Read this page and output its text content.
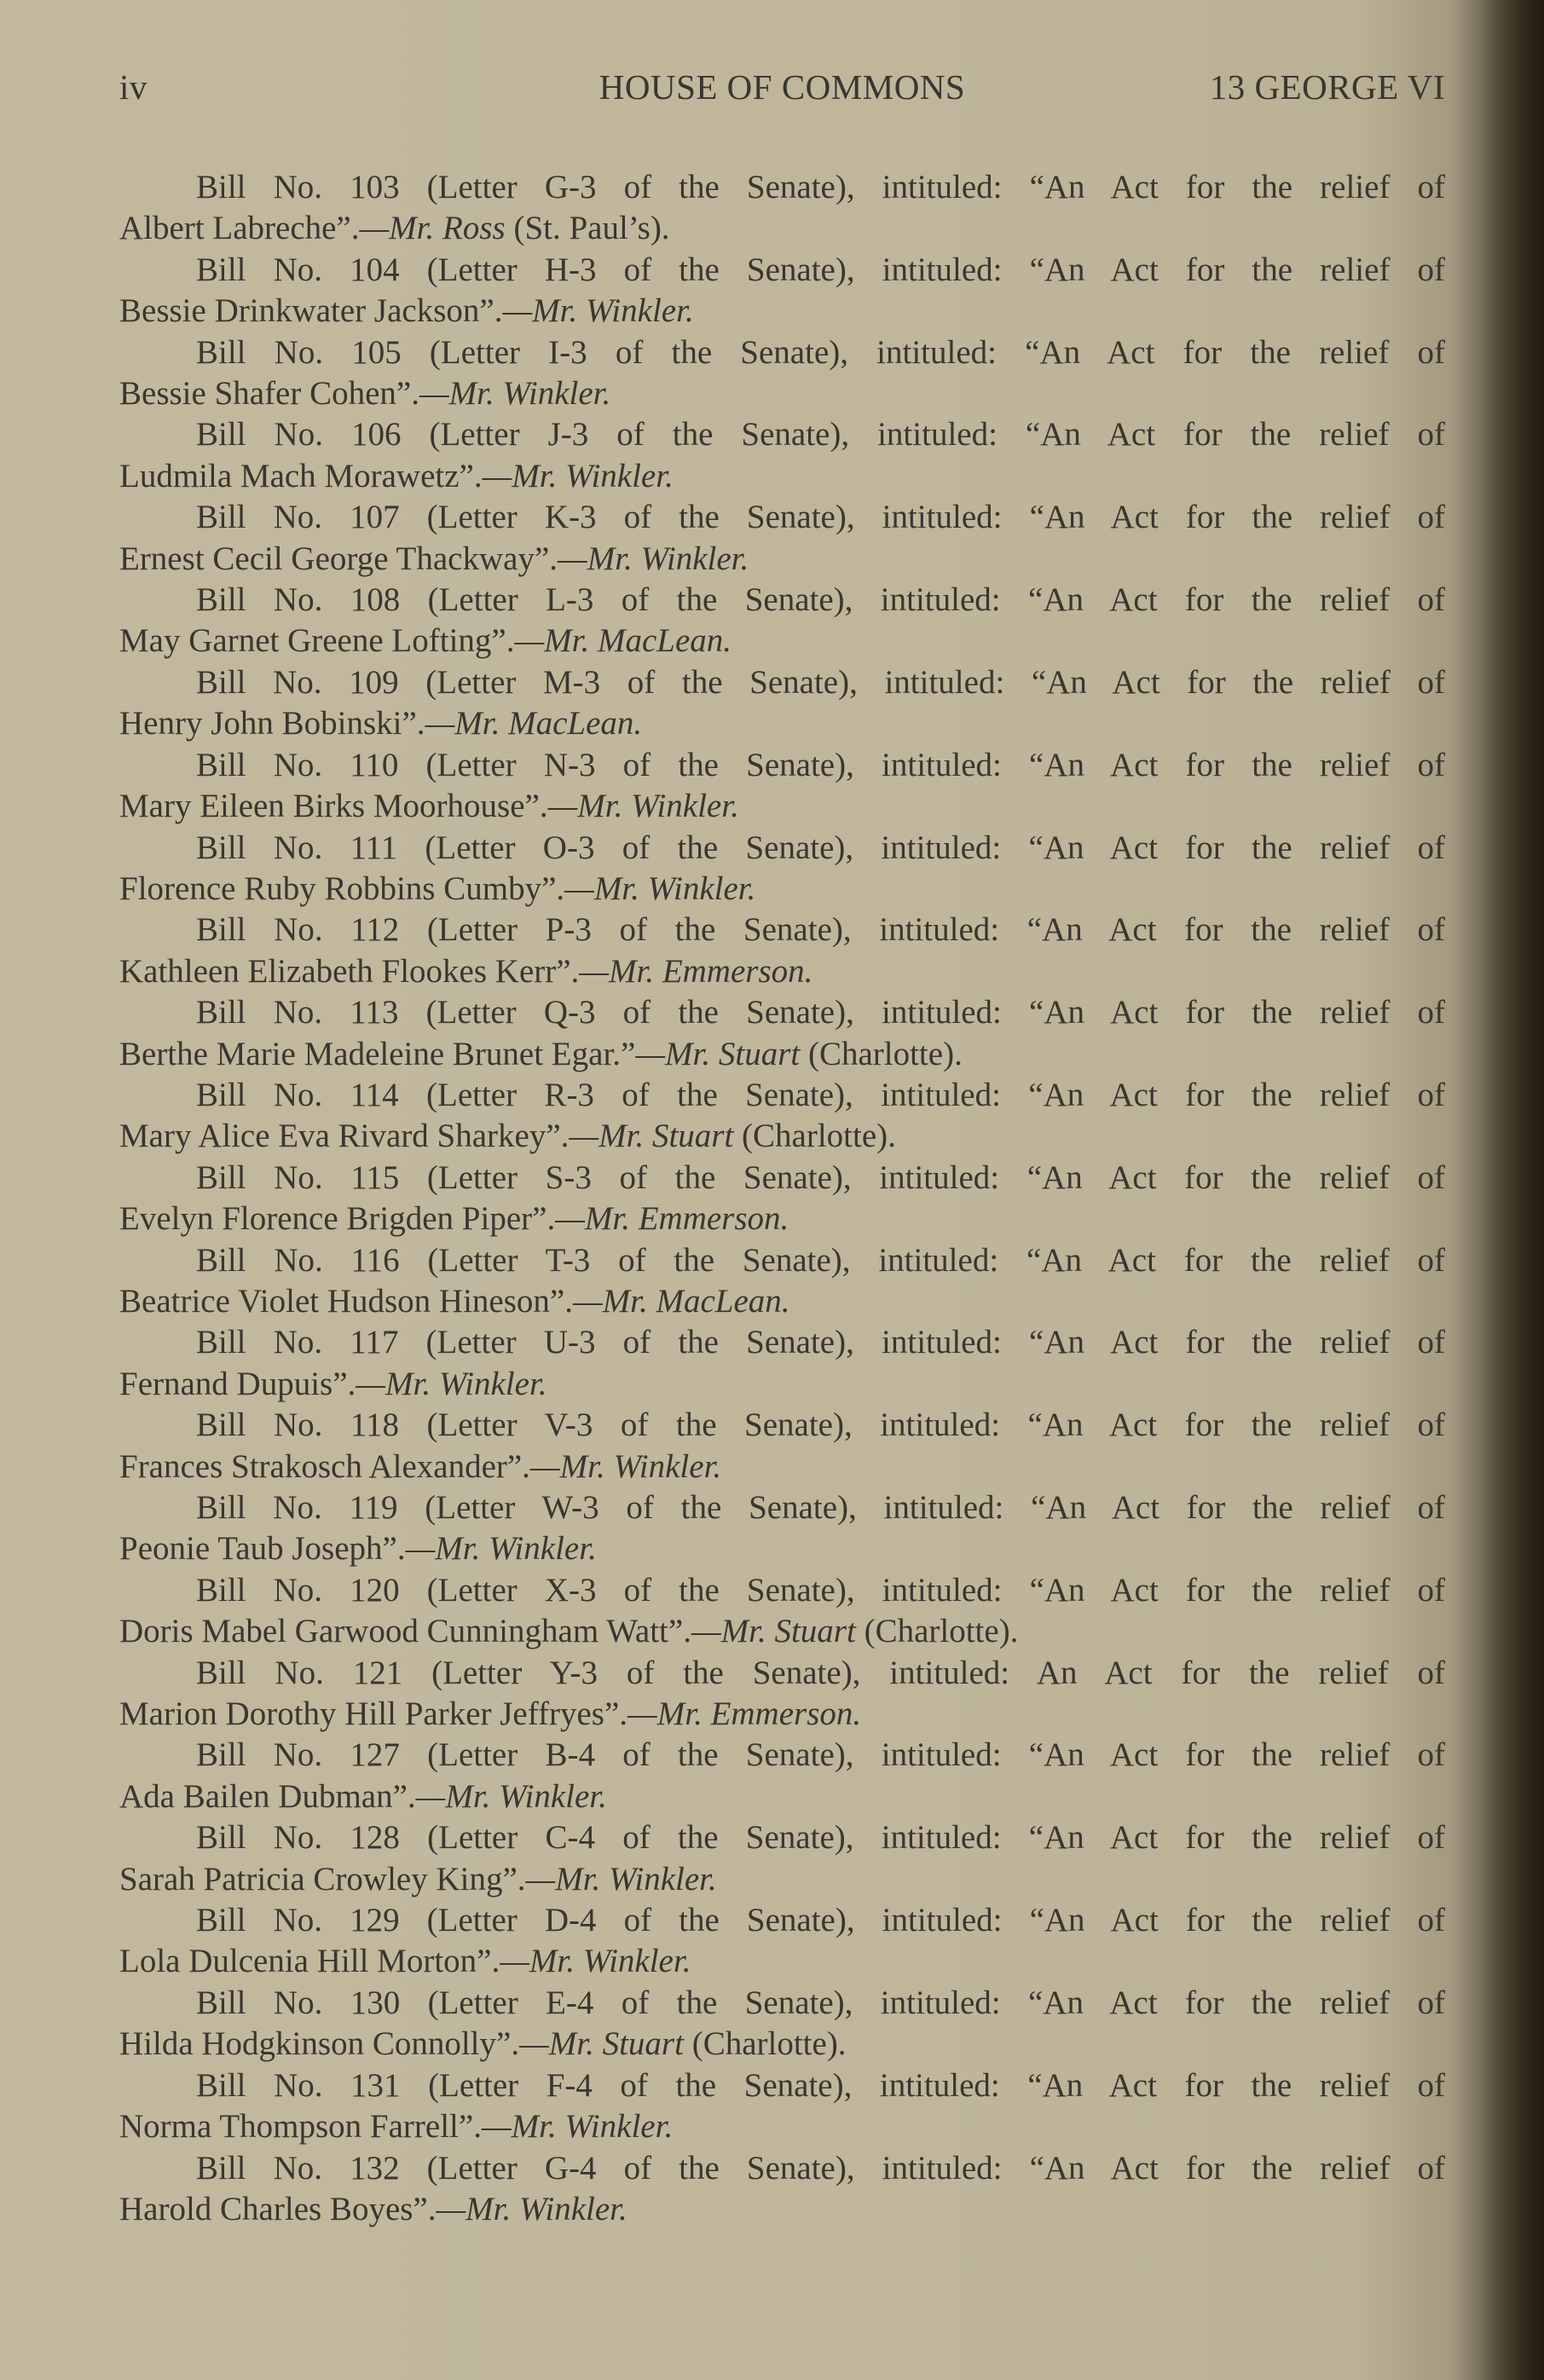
iv	HOUSE OF COMMONS	13 GEORGE VI
Bill No. 103 (Letter G-3 of the Senate), intituled: “An Act for the relief of
Albert Labreche”.—Mr. Ross (St. Paul’s).
Bill No. 104 (Letter H-3 of the Senate), intituled: “An Act for the relief of
Bessie Drinkwater Jackson”.—Mr. Winkler.
Bill No. 105 (Letter I-3 of the Senate), intituled: “An Act for the relief of
Bessie Shafer Cohen”.—Mr. Winkler.
Bill No. 106 (Letter J-3 of the Senate), intituled: “An Act for the relief of
Ludmila Mach Morawetz”.—Mr. Winkler.
Bill No. 107 (Letter K-3 of the Senate), intituled: “An Act for the relief of
Ernest Cecil George Thackway”.—Mr. Winkler.
Bill No. 108 (Letter L-3 of the Senate), intituled: “An Act for the relief of
May Garnet Greene Lofting”.—Mr. MacLean.
Bill No. 109 (Letter M-3 of the Senate), intituled: “An Act for the relief of
Henry John Bobinski”.—Mr. MacLean.
Bill No. 110 (Letter N-3 of the Senate), intituled: “An Act for the relief of
Mary Eileen Birks Moorhouse”.—Mr. Winkler.
Bill No. 111 (Letter O-3 of the Senate), intituled: “An Act for the relief of
Florence Ruby Robbins Cumby”.—Mr. Winkler.
Bill No. 112 (Letter P-3 of the Senate), intituled: “An Act for the relief of
Kathleen Elizabeth Flookes Kerr”.—Mr. Emmerson.
Bill No. 113 (Letter Q-3 of the Senate), intituled: “An Act for the relief of
Berthe Marie Madeleine Brunet Egar.”—Mr. Stuart (Charlotte).
Bill No. 114 (Letter R-3 of the Senate), intituled: “An Act for the relief of
Mary Alice Eva Rivard Sharkey”.—Mr. Stuart (Charlotte).
Bill No. 115 (Letter S-3 of the Senate), intituled: “An Act for the relief of
Evelyn Florence Brigden Piper”.—Mr. Emmerson.
Bill No. 116 (Letter T-3 of the Senate), intituled: “An Act for the relief of
Beatrice Violet Hudson Hineson”.—Mr. MacLean.
Bill No. 117 (Letter U-3 of the Senate), intituled: “An Act for the relief of
Fernand Dupuis”.—Mr. Winkler.
Bill No. 118 (Letter V-3 of the Senate), intituled: “An Act for the relief of
Frances Strakosch Alexander”.—Mr. Winkler.
Bill No. 119 (Letter W-3 of the Senate), intituled: “An Act for the relief of
Peonie Taub Joseph”.—Mr. Winkler.
Bill No. 120 (Letter X-3 of the Senate), intituled: “An Act for the relief of
Doris Mabel Garwood Cunningham Watt”.—Mr. Stuart (Charlotte).
Bill No. 121 (Letter Y-3 of the Senate), intituled: An Act for the relief of
Marion Dorothy Hill Parker Jeffryes”.—Mr. Emmerson.
Bill No. 127 (Letter B-4 of the Senate), intituled: “An Act for the relief of
Ada Bailen Dubman”.—Mr. Winkler.
Bill No. 128 (Letter C-4 of the Senate), intituled: “An Act for the relief of
Sarah Patricia Crowley King”.—Mr. Winkler.
Bill No. 129 (Letter D-4 of the Senate), intituled: “An Act for the relief of
Lola Dulcenia Hill Morton”.—Mr. Winkler.
Bill No. 130 (Letter E-4 of the Senate), intituled: “An Act for the relief of
Hilda Hodgkinson Connolly”.—Mr. Stuart (Charlotte).
Bill No. 131 (Letter F-4 of the Senate), intituled: “An Act for the relief of
Norma Thompson Farrell”.—Mr. Winkler.
Bill No. 132 (Letter G-4 of the Senate), intituled: “An Act for the relief of
Harold Charles Boyes”.—Mr. Winkler.
